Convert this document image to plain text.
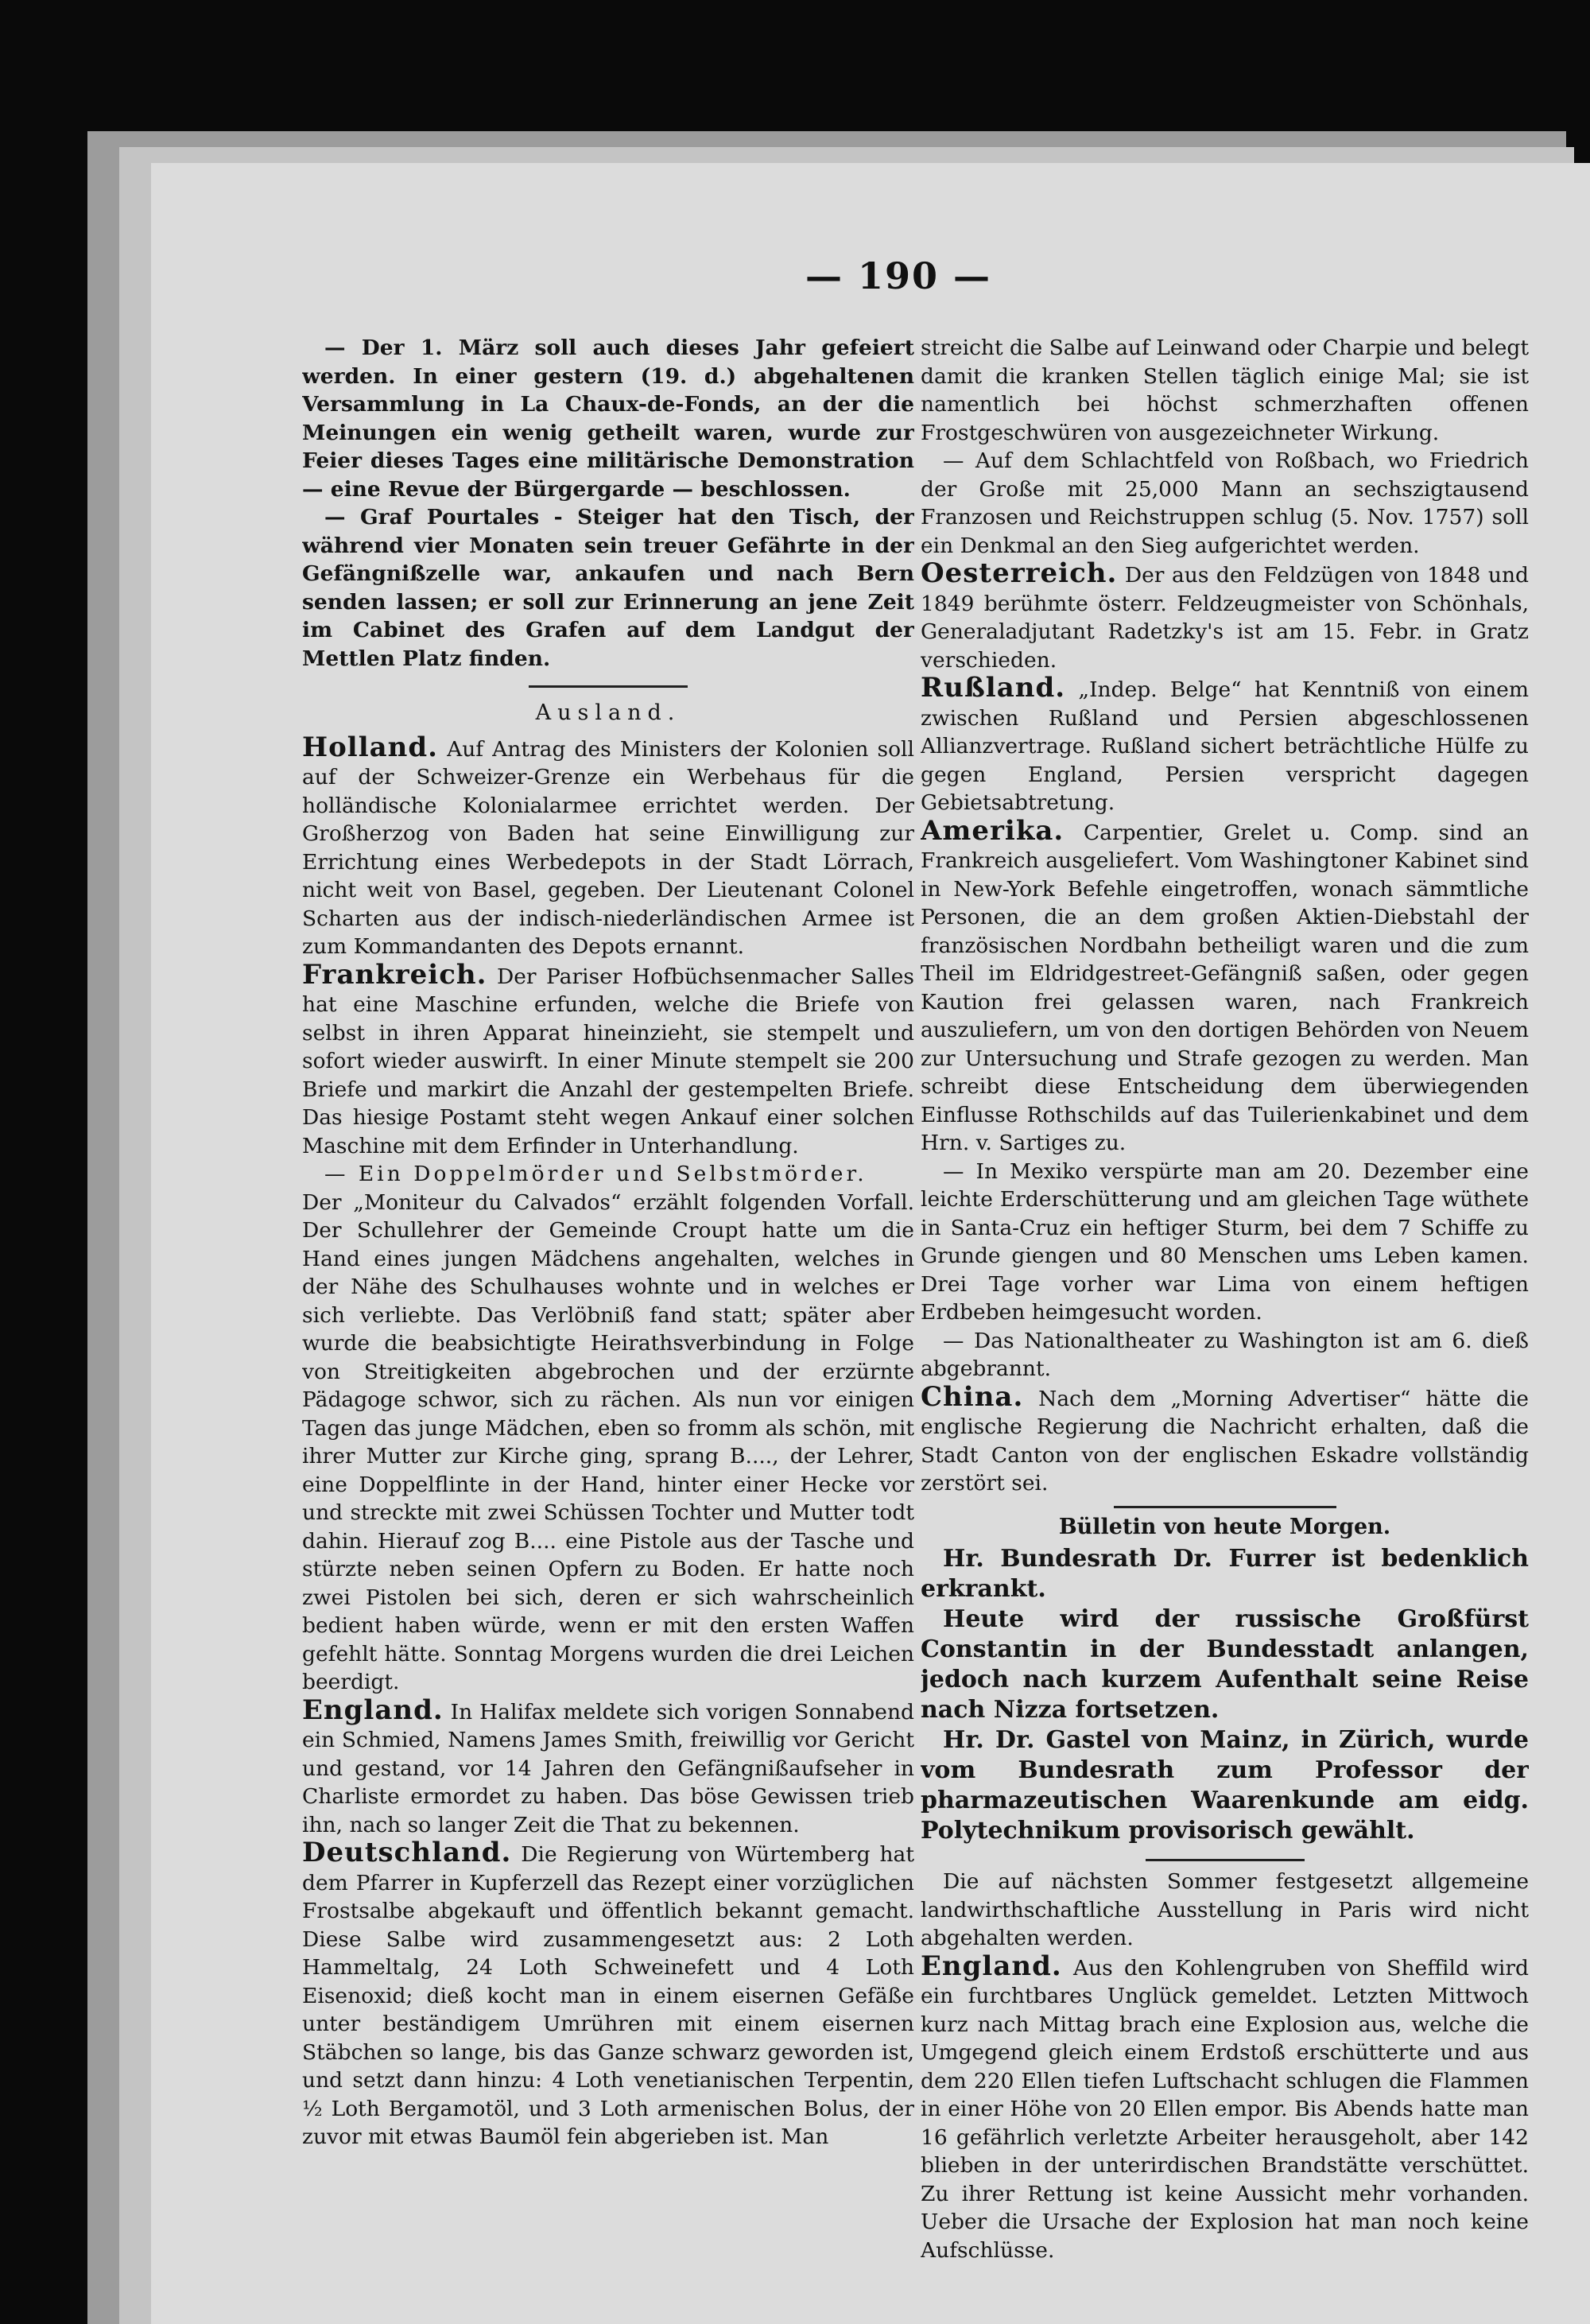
— 190 —

— Der 1. März soll auch dieses Jahr gefeiert werden. In einer gestern (19. d.) abgehaltenen Versammlung in La Chaux-de-Fonds, an der die Meinungen ein wenig getheilt waren, wurde zur Feier dieses Tages eine militärische Demonstration — eine Revue der Bürgergarde — beschlossen.

— Graf Pourtales - Steiger hat den Tisch, der während vier Monaten sein treuer Gefährte in der Gefängnißzelle war, ankaufen und nach Bern senden lassen; er soll zur Erinnerung an jene Zeit im Cabinet des Grafen auf dem Landgut der Mettlen Platz finden.

Ausland.

Holland. Auf Antrag des Ministers der Kolonien soll auf der Schweizer-Grenze ein Werbehaus für die holländische Kolonialarmee errichtet werden. Der Großherzog von Baden hat seine Einwilligung zur Errichtung eines Werbedepots in der Stadt Lörrach, nicht weit von Basel, gegeben. Der Lieutenant Colonel Scharten aus der indisch-niederländischen Armee ist zum Kommandanten des Depots ernannt.

Frankreich. Der Pariser Hofbüchsenmacher Salles hat eine Maschine erfunden, welche die Briefe von selbst in ihren Apparat hineinzieht, sie stempelt und sofort wieder auswirft. In einer Minute stempelt sie 200 Briefe und markirt die Anzahl der gestempelten Briefe. Das hiesige Postamt steht wegen Ankauf einer solchen Maschine mit dem Erfinder in Unterhandlung.

— Ein Doppelmörder und Selbstmörder.

Der „Moniteur du Calvados“ erzählt folgenden Vorfall. Der Schullehrer der Gemeinde Croupt hatte um die Hand eines jungen Mädchens angehalten, welches in der Nähe des Schulhauses wohnte und in welches er sich verliebte. Das Verlöbniß fand statt; später aber wurde die beabsichtigte Heirathsverbindung in Folge von Streitigkeiten abgebrochen und der erzürnte Pädagoge schwor, sich zu rächen. Als nun vor einigen Tagen das junge Mädchen, eben so fromm als schön, mit ihrer Mutter zur Kirche ging, sprang B...., der Lehrer, eine Doppelflinte in der Hand, hinter einer Hecke vor und streckte mit zwei Schüssen Tochter und Mutter todt dahin. Hierauf zog B.... eine Pistole aus der Tasche und stürzte neben seinen Opfern zu Boden. Er hatte noch zwei Pistolen bei sich, deren er sich wahrscheinlich bedient haben würde, wenn er mit den ersten Waffen gefehlt hätte. Sonntag Morgens wurden die drei Leichen beerdigt.

England. In Halifax meldete sich vorigen Sonnabend ein Schmied, Namens James Smith, freiwillig vor Gericht und gestand, vor 14 Jahren den Gefängnißaufseher in Charliste ermordet zu haben. Das böse Gewissen trieb ihn, nach so langer Zeit die That zu bekennen.

Deutschland. Die Regierung von Würtemberg hat dem Pfarrer in Kupferzell das Rezept einer vorzüglichen Frostsalbe abgekauft und öffentlich bekannt gemacht. Diese Salbe wird zusammengesetzt aus: 2 Loth Hammeltalg, 24 Loth Schweinefett und 4 Loth Eisenoxid; dieß kocht man in einem eisernen Gefäße unter beständigem Umrühren mit einem eisernen Stäbchen so lange, bis das Ganze schwarz geworden ist, und setzt dann hinzu: 4 Loth venetianischen Terpentin, ½ Loth Bergamotöl, und 3 Loth armenischen Bolus, der zuvor mit etwas Baumöl fein abgerieben ist. Man

streicht die Salbe auf Leinwand oder Charpie und belegt damit die kranken Stellen täglich einige Mal; sie ist namentlich bei höchst schmerzhaften offenen Frostgeschwüren von ausgezeichneter Wirkung.

— Auf dem Schlachtfeld von Roßbach, wo Friedrich der Große mit 25,000 Mann an sechszigtausend Franzosen und Reichstruppen schlug (5. Nov. 1757) soll ein Denkmal an den Sieg aufgerichtet werden.

Oesterreich. Der aus den Feldzügen von 1848 und 1849 berühmte österr. Feldzeugmeister von Schönhals, Generaladjutant Radetzky's ist am 15. Febr. in Gratz verschieden.

Rußland. „Indep. Belge“ hat Kenntniß von einem zwischen Rußland und Persien abgeschlossenen Allianzvertrage. Rußland sichert beträchtliche Hülfe zu gegen England, Persien verspricht dagegen Gebietsabtretung.

Amerika. Carpentier, Grelet u. Comp. sind an Frankreich ausgeliefert. Vom Washingtoner Kabinet sind in New-York Befehle eingetroffen, wonach sämmtliche Personen, die an dem großen Aktien-Diebstahl der französischen Nordbahn betheiligt waren und die zum Theil im Eldridgestreet-Gefängniß saßen, oder gegen Kaution frei gelassen waren, nach Frankreich auszuliefern, um von den dortigen Behörden von Neuem zur Untersuchung und Strafe gezogen zu werden. Man schreibt diese Entscheidung dem überwiegenden Einflusse Rothschilds auf das Tuilerienkabinet und dem Hrn. v. Sartiges zu.

— In Mexiko verspürte man am 20. Dezember eine leichte Erderschütterung und am gleichen Tage wüthete in Santa-Cruz ein heftiger Sturm, bei dem 7 Schiffe zu Grunde giengen und 80 Menschen ums Leben kamen. Drei Tage vorher war Lima von einem heftigen Erdbeben heimgesucht worden.

— Das Nationaltheater zu Washington ist am 6. dieß abgebrannt.

China. Nach dem „Morning Advertiser“ hätte die englische Regierung die Nachricht erhalten, daß die Stadt Canton von der englischen Eskadre vollständig zerstört sei.

Bülletin von heute Morgen.

Hr. Bundesrath Dr. Furrer ist bedenklich erkrankt.

Heute wird der russische Großfürst Constantin in der Bundesstadt anlangen, jedoch nach kurzem Aufenthalt seine Reise nach Nizza fortsetzen.

Hr. Dr. Gastel von Mainz, in Zürich, wurde vom Bundesrath zum Professor der pharmazeutischen Waarenkunde am eidg. Polytechnikum provisorisch gewählt.

Die auf nächsten Sommer festgesetzt allgemeine landwirthschaftliche Ausstellung in Paris wird nicht abgehalten werden.

England. Aus den Kohlengruben von Sheffild wird ein furchtbares Unglück gemeldet. Letzten Mittwoch kurz nach Mittag brach eine Explosion aus, welche die Umgegend gleich einem Erdstoß erschütterte und aus dem 220 Ellen tiefen Luftschacht schlugen die Flammen in einer Höhe von 20 Ellen empor. Bis Abends hatte man 16 gefährlich verletzte Arbeiter herausgeholt, aber 142 blieben in der unterirdischen Brandstätte verschüttet. Zu ihrer Rettung ist keine Aussicht mehr vorhanden. Ueber die Ursache der Explosion hat man noch keine Aufschlüsse.
